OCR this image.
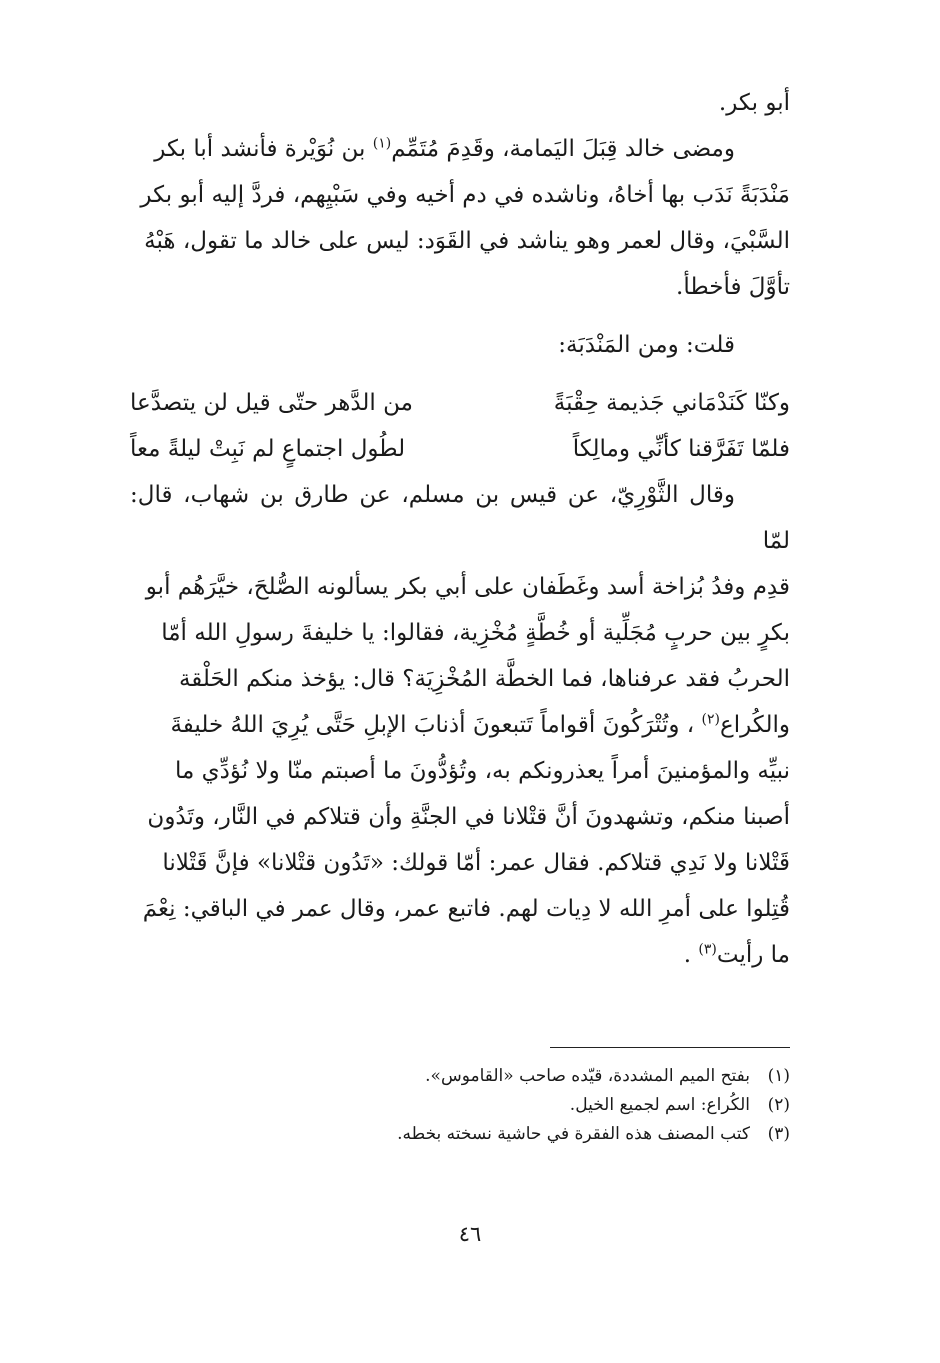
أبو بكر.

ومضى خالد قِبَلَ اليَمامة، وقَدِمَ مُتَمِّم$^{(١)}$ بن نُوَيْرة فأنشد أبا بكر

مَنْدَبَةً نَدَب بها أخاهُ، وناشده في دم أخيه وفي سَبْيِهم، فردَّ إليه أبو بكر

السَّبْيَ، وقال لعمر وهو يناشد في القَوَد: ليس على خالد ما تقول، هَبْهُ

تأوَّلَ فأخطأ.

قلت: ومن المَنْدَبَة:

وكنّا كَنَدْمَاني جَذيمة حِقْبَةً
من الدَّهر حتّى قيل لن يتصدَّعا
فلمّا تَفَرَّقنا كأنِّي ومالِكاً
لطُول اجتماعٍ لم نَبِتْ ليلةً معاً

وقال الثَّوْرِيّ، عن قيس بن مسلم، عن طارق بن شهاب، قال: لمّا

قدِم وفدُ بُزاخة أسد وغَطَفان على أبي بكر يسألونه الصُّلحَ، خيَّرَهُم أبو

بكرٍ بين حربٍ مُجَلِّية أو خُطَّةٍ مُخْزِية، فقالوا: يا خليفةَ رسولِ الله أمّا

الحربُ فقد عرفناها، فما الخطَّة المُخْزِيَة؟ قال: يؤخذ منكم الحَلْقة

والكُراع$^{(٢)}$ ، وتُتْرَكُونَ أقواماً تَتبعونَ أذنابَ الإبلِ حَتَّى يُرِيَ اللهُ خليفةَ

نبيِّه والمؤمنينَ أمراً يعذرونكم به، وتُؤدُّونَ ما أصبتم منّا ولا نُؤدِّي ما

أصبنا منكم، وتشهدونَ أنَّ قتْلانا في الجنَّةِ وأن قتلاكم في النَّار، وتَدُون

قَتْلانا ولا نَدِي قتلاكم. فقال عمر: أمّا قولك: «تَدُون قتْلانا» فإنَّ قَتْلانا

قُتِلوا على أمرِ الله لا دِيات لهم. فاتبع عمر، وقال عمر في الباقي: نِعْمَ

ما رأيت$^{(٣)}$ .

(١)
بفتح الميم المشددة، قيّده صاحب «القاموس».
(٢)
الكُراع: اسم لجميع الخيل.
(٣)
كتب المصنف هذه الفقرة في حاشية نسخته بخطه.
٤٦
